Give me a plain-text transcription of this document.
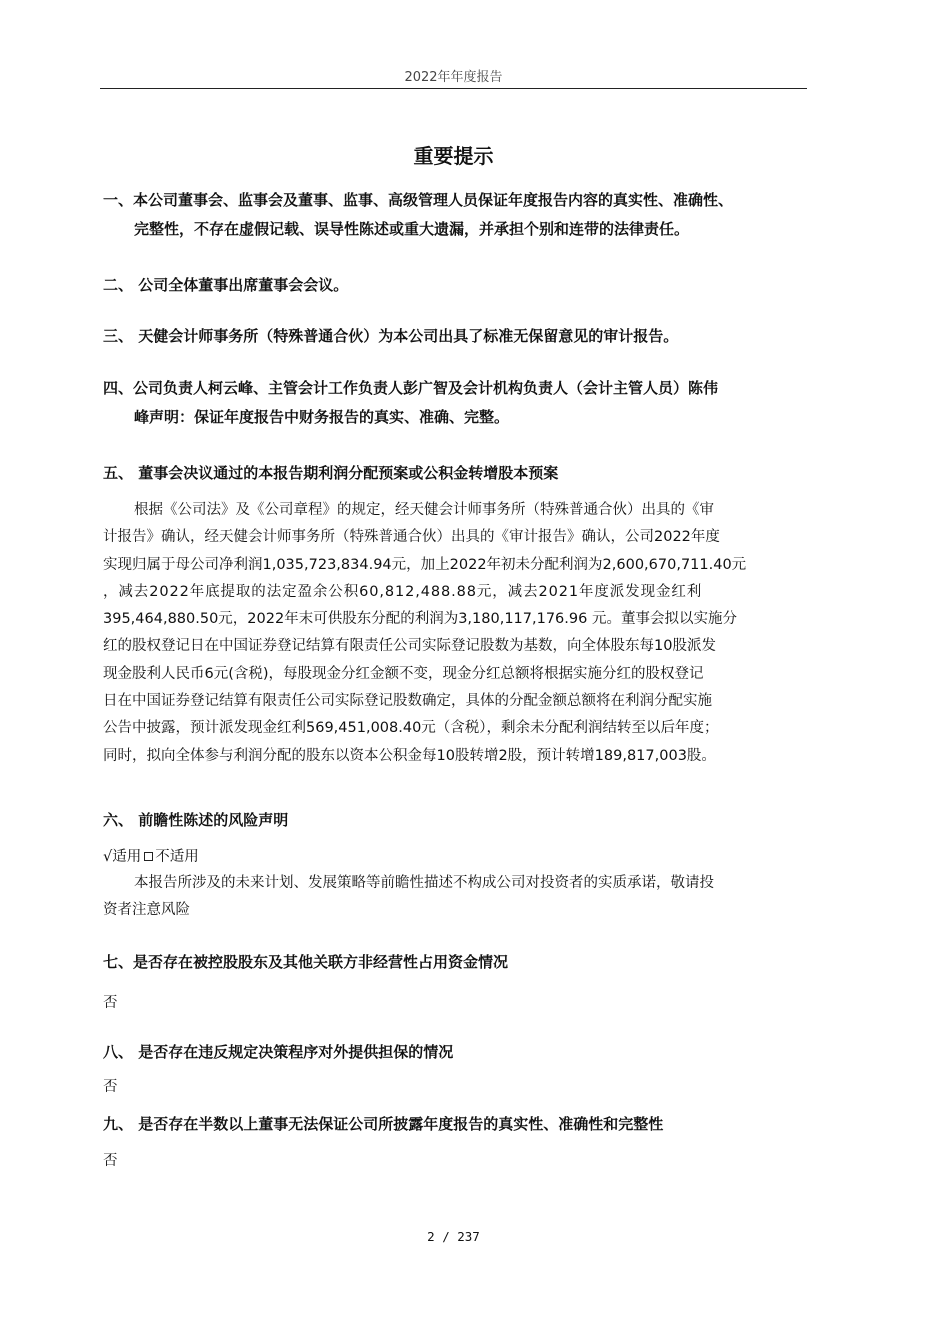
2022年年度报告
重要提示
一、本公司董事会、监事会及董事、监事、高级管理人员保证年度报告内容的真实性、准确性、
完整性，不存在虚假记载、误导性陈述或重大遗漏，并承担个别和连带的法律责任。
二、 公司全体董事出席董事会会议。
三、 天健会计师事务所（特殊普通合伙）为本公司出具了标准无保留意见的审计报告。
四、公司负责人柯云峰、主管会计工作负责人彭广智及会计机构负责人（会计主管人员）陈伟
峰声明：保证年度报告中财务报告的真实、准确、完整。
五、 董事会决议通过的本报告期利润分配预案或公积金转增股本预案
根据《公司法》及《公司章程》的规定，经天健会计师事务所（特殊普通合伙）出具的《审
计报告》确认，经天健会计师事务所（特殊普通合伙）出具的《审计报告》确认，公司2022年度
实现归属于母公司净利润1,035,723,834.94元，加上2022年初未分配利润为2,600,670,711.40元
，减去2022年底提取的法定盈余公积60,812,488.88元，减去2021年度派发现金红利
395,464,880.50元，2022年末可供股东分配的利润为3,180,117,176.96 元。董事会拟以实施分
红的股权登记日在中国证券登记结算有限责任公司实际登记股数为基数，向全体股东每10股派发
现金股利人民币6元(含税)，每股现金分红金额不变，现金分红总额将根据实施分红的股权登记
日在中国证券登记结算有限责任公司实际登记股数确定，具体的分配金额总额将在利润分配实施
公告中披露，预计派发现金红利569,451,008.40元（含税），剩余未分配利润结转至以后年度；
同时，拟向全体参与利润分配的股东以资本公积金每10股转增2股，预计转增189,817,003股。
六、 前瞻性陈述的风险声明
√适用 不适用
本报告所涉及的未来计划、发展策略等前瞻性描述不构成公司对投资者的实质承诺，敬请投
资者注意风险
七、是否存在被控股股东及其他关联方非经营性占用资金情况
否
八、 是否存在违反规定决策程序对外提供担保的情况
否
九、 是否存在半数以上董事无法保证公司所披露年度报告的真实性、准确性和完整性
否
2 / 237
